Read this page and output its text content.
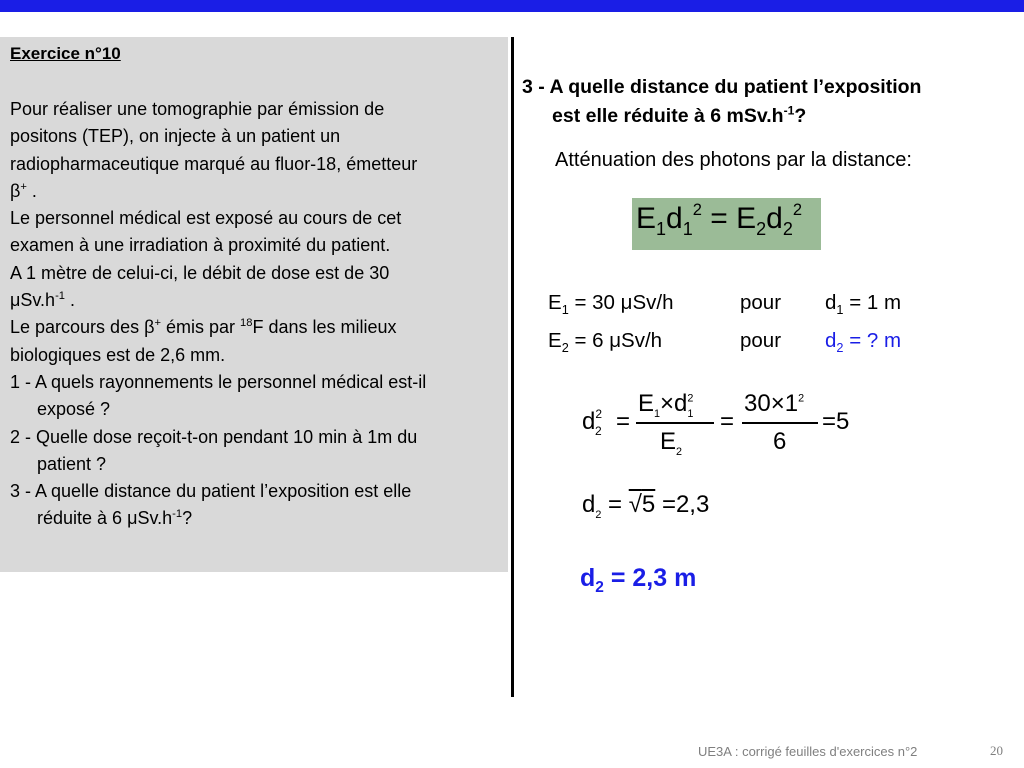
Exercice n°10
Pour réaliser une tomographie par émission de
positons (TEP), on injecte à un patient un
radiopharmaceutique marqué au fluor-18, émetteur
β+ .
Le personnel médical est exposé au cours de cet
examen à une irradiation à proximité du patient.
A 1 mètre de celui-ci, le débit de dose est de 30
$\mu Sv.h^{-1}$ .
Le parcours des β+ émis par $^{18}$F dans les milieux
biologiques est de 2,6 mm.
1 - A quels rayonnements le personnel médical est-il
exposé ?
2 - Quelle dose reçoit-t-on pendant 10 min à 1m du
patient ?
3 - A quelle distance du patient l’exposition est elle
réduite à 6 $\mu Sv.h^{-1}$?
3 - A quelle distance du patient l’exposition
est elle réduite à 6 $mSv.h^{-1}$?
Atténuation des photons par la distance:
$E_1d_1^2 = E_2d_2^2$
$E_1 = 30$ μSv/h	pour $d_1 = 1$ m
$E_2 = 6$ μSv/h	pour $d_2$ = ? m
$d^2_2$ =
$E_1\times d^2_1$
$E_2$
=
$30\times 1^2$
6
=5
$d_2 = √5 =2,3$
$d_2 = 2,3$ m
UE3A : corrigé feuilles d'exercices n°2	20
